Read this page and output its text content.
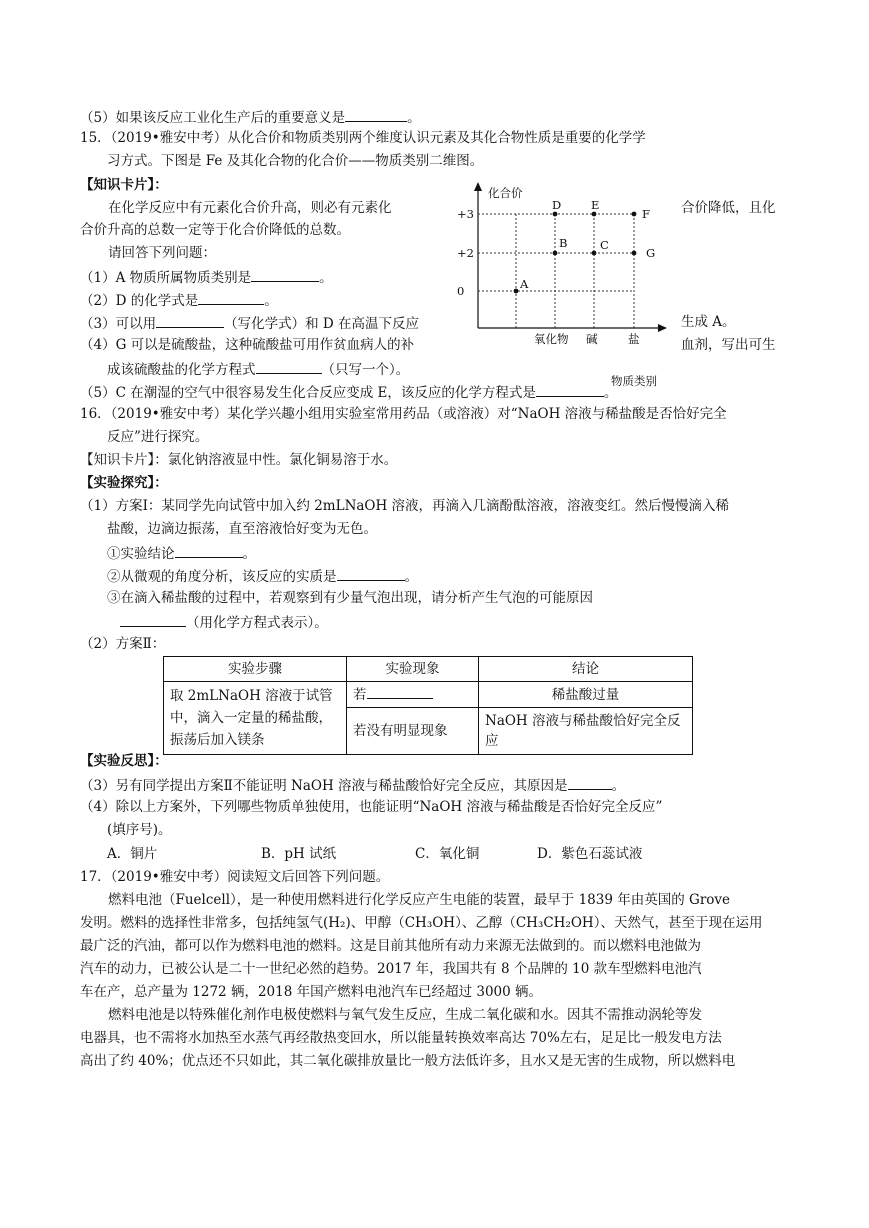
（5）如果该反应工业化生产后的重要意义是	。
15．（2019•雅安中考）从化合价和物质类别两个维度认识元素及其化合物性质是重要的化学学
习方式。下图是 Fe 及其化合物的化合价——物质类别二维图。
【知识卡片】：
在化学反应中有元素化合价升高，则必有元素化	合价降低，且化
合价升高的总数一定等于化合价降低的总数。
请回答下列问题：
（1）A 物质所属物质类别是	。
（2）D 的化学式是	。
（3）可以用	（写化学式）和 D 在高温下反应	生成 A。
（4）G 可以是硫酸盐，这种硫酸盐可用作贫血病人的补	血剂，写出可生
成该硫酸盐的化学方程式	（只写一个）。
（5）C 在潮湿的空气中很容易发生化合反应变成 E，该反应的化学方程式是	。
+3
+2
0
氧化物 碱	盐
A
B	C
D	E
F
G
化合价
物质类别
16．（2019•雅安中考）某化学兴趣小组用实验室常用药品（或溶液）对“NaOH 溶液与稀盐酸是否恰好完全
反应”进行探究。
【知识卡片】：氯化钠溶液显中性。氯化铜易溶于水。
【实验探究】：
（1）方案Ⅰ：某同学先向试管中加入约 2mLNaOH 溶液，再滴入几滴酚酞溶液，溶液变红。然后慢慢滴入稀
盐酸，边滴边振荡，直至溶液恰好变为无色。
①实验结论	。
②从微观的角度分析，该反应的实质是	。
③在滴入稀盐酸的过程中，若观察到有少量气泡出现，请分析产生气泡的可能原因
（用化学方程式表示）。
（2）方案Ⅱ：
实验步骤	实验现象	结论
取 2mLNaOH 溶液于试管中，滴入一定量的稀盐酸，振荡后加入镁条	若	稀盐酸过量
	若没有明显现象	NaOH 溶液与稀盐酸恰好完全反应
【实验反思】：
（3）另有同学提出方案Ⅱ不能证明 NaOH 溶液与稀盐酸恰好完全反应，其原因是	。
（4）除以上方案外，下列哪些物质单独使用，也能证明“NaOH 溶液与稀盐酸是否恰好完全反应”
(填序号)。
A．铜片	B．pH 试纸	C．氧化铜	D．紫色石蕊试液
17．（2019•雅安中考）阅读短文后回答下列问题。
燃料电池（Fuelcell），是一种使用燃料进行化学反应产生电能的装置，最早于 1839 年由英国的 Grove
发明。燃料的选择性非常多，包括纯氢气(H₂)、甲醇（CH₃OH）、乙醇（CH₃CH₂OH）、天然气，甚至于现在运用
最广泛的汽油，都可以作为燃料电池的燃料。这是目前其他所有动力来源无法做到的。而以燃料电池做为
汽车的动力，已被公认是二十一世纪必然的趋势。2017 年，我国共有 8 个品牌的 10 款车型燃料电池汽
车在产，总产量为 1272 辆，2018 年国产燃料电池汽车已经超过 3000 辆。
燃料电池是以特殊催化剂作电极使燃料与氧气发生反应，生成二氧化碳和水。因其不需推动涡轮等发
电器具，也不需将水加热至水蒸气再经散热变回水，所以能量转换效率高达 70%左右，足足比一般发电方法
高出了约 40%；优点还不只如此，其二氧化碳排放量比一般方法低许多，且水又是无害的生成物，所以燃料电
